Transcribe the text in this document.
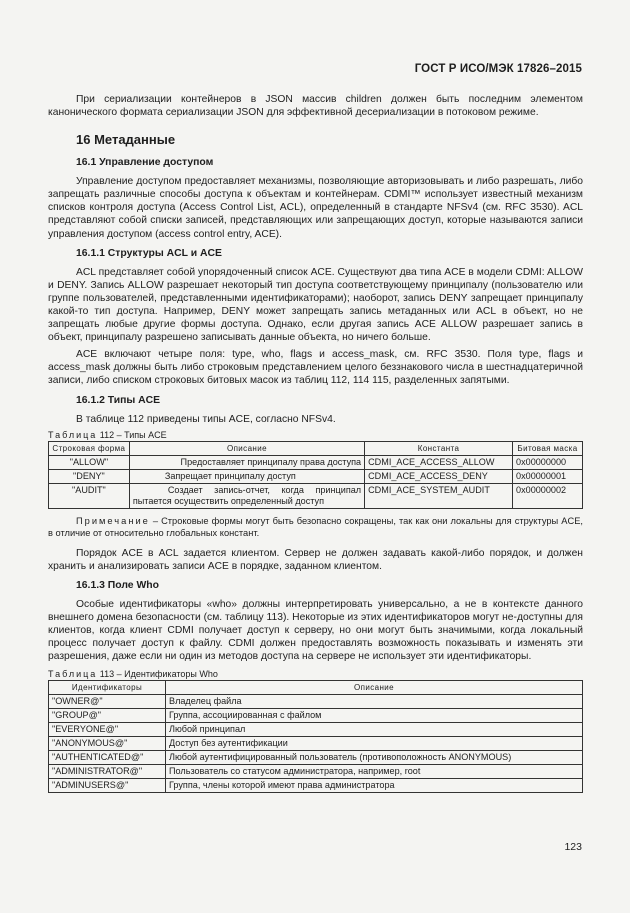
ГОСТ Р ИСО/МЭК 17826–2015

При сериализации контейнеров в JSON массив children должен быть последним элементом канонического формата сериализации JSON для эффективной десериализации в потоковом режиме.

16 Метаданные
16.1 Управление доступом

Управление доступом предоставляет механизмы, позволяющие авторизовывать и либо разрешать, либо запрещать различные способы доступа к объектам и контейнерам. CDMI™ использует известный механизм списков контроля доступа (Access Control List, ACL), определенный в стандарте NFSv4 (см. RFC 3530). ACL представляют собой списки записей, представляющих или запрещающих доступ, которые называются записи управления доступом (access control entry, ACE).

16.1.1 Структуры ACL и ACE

ACL представляет собой упорядоченный список ACE. Существуют два типа ACE в модели CDMI: ALLOW и DENY. Запись ALLOW разрешает некоторый тип доступа соответствующему принципалу (пользователю или группе пользователей, представленными идентификаторами); наоборот, запись DENY запрещает принципалу какой-то тип доступа. Например, DENY может запрещать запись метаданных или ACL в объект, но не запрещать любые другие формы доступа. Однако, если другая запись ACE ALLOW разрешает запись в объект, принципалу разрешено записывать данные объекта, но ничего больше.

ACE включают четыре поля: type, who, flags и access_mask, см. RFC 3530. Поля type, flags и access_mask должны быть либо строковым представлением целого беззнакового числа в шестнадцатеричной записи, либо списком строковых битовых масок из таблиц 112, 114 115, разделенных запятыми.

16.1.2 Типы ACE

В таблице 112 приведены типы ACE, согласно NFSv4.

Таблица 112 – Типы ACE
Строковая форма	Описание	Константа	Битовая маска
"ALLOW"	Предоставляет принципалу права доступа	CDMI_ACE_ACCESS_ALLOW	0x00000000
"DENY"	Запрещает принципалу доступ	CDMI_ACE_ACCESS_DENY	0x00000001
"AUDIT"	Создает запись-отчет, когда принципал пытается осуществить определенный доступ	CDMI_ACE_SYSTEM_AUDIT	0x00000002
Примечание – Строковые формы могут быть безопасно сокращены, так как они локальны для структуры ACE, в отличие от относительно глобальных констант.

Порядок ACE в ACL задается клиентом. Сервер не должен задавать какой-либо порядок, и должен хранить и анализировать записи ACE в порядке, заданном клиентом.

16.1.3 Поле Who

Особые идентификаторы «who» должны интерпретировать универсально, а не в контексте данного внешнего домена безопасности (см. таблицу 113). Некоторые из этих идентификаторов могут не-доступны для клиентов, когда клиент CDMI получает доступ к серверу, но они могут быть значимыми, когда локальный процесс получает доступ к файлу. CDMI должен предоставлять возможность показывать и изменять эти разрешения, даже если ни один из методов доступа на сервере не использует эти идентификаторы.

Таблица 113 – Идентификаторы Who
Идентификаторы	Описание
"OWNER@"	Владелец файла
"GROUP@"	Группа, ассоциированная с файлом
"EVERYONE@"	Любой принципал
"ANONYMOUS@"	Доступ без аутентификации
"AUTHENTICATED@"	Любой аутентифицированный пользователь (противоположность ANONYMOUS)
"ADMINISTRATOR@"	Пользователь со статусом администратора, например, root
"ADMINUSERS@"	Группа, члены которой имеют права администратора
123
